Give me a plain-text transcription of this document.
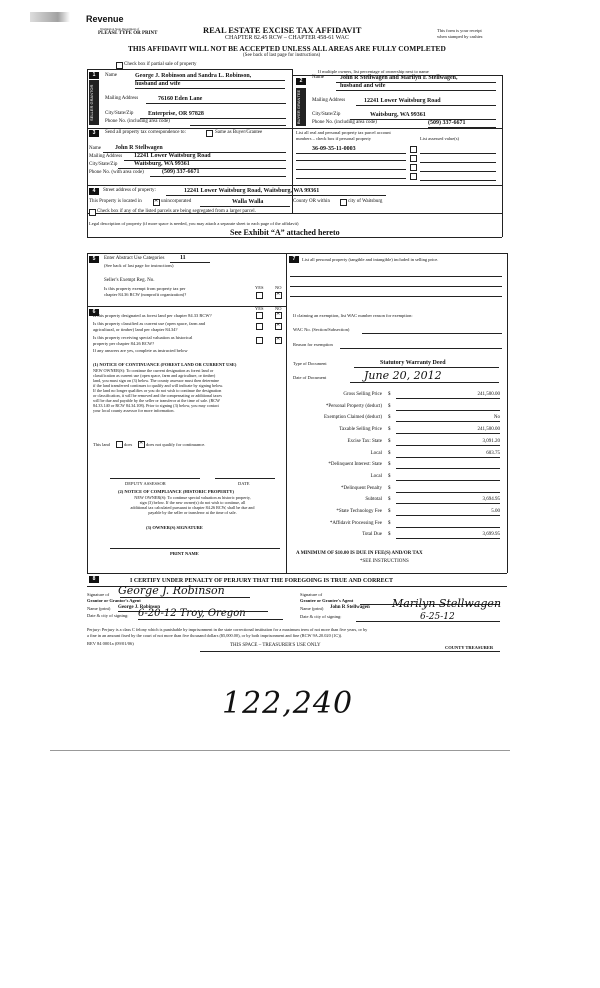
Revenue
Washington State Department of
PLEASE TYPE OR PRINT	REAL ESTATE EXCISE TAX AFFIDAVIT
CHAPTER 82.45 RCW – CHAPTER 458-61 WAC
THIS AFFIDAVIT WILL NOT BE ACCEPTED UNLESS ALL AREAS ARE FULLY COMPLETED
(See back of last page for instructions)
This form is your receipt
when stamped by cashier.
Check box if partial sale of property
If multiple owners, list percentage of ownership next to name
1
SELLER GRANTOR
Name	George J. Robinson and Sandra L. Robinson,
husband and wife
Mailing Address	76160 Eden Lane
City/State/Zip	Enterprise, OR 97828
Phone No. (including area code)
2
BUYER GRANTEE
Name	John R Stellwagen and Marilyn E Stellwagen,
husband and wife
Mailing Address	12241 Lower Waitsburg Road
City/State/Zip	Waitsburg, WA 99361
Phone No. (including area code)	(509) 337-6671
3	Send all property tax correspondence to:	Same as Buyer/Grantee
Name	John R Stellwagen
Mailing Address	12241 Lower Waitsburg Road
City/State/Zip	Waitsburg, WA 99361
Phone No. (with area code)	(509) 337-6671
List all real and personal property tax parcel account
numbers – check box if personal property	List assessed value(s)
36-09-35-11-0003
4	Street address of property:	12241 Lower Waitsburg Road, Waitsburg, WA 99361
This Property is located in ✕	unincorporated	Walla Walla	County OR within	city of Waitsburg
Check box if any of the listed parcels are being segregated from a larger parcel.
Legal description of property (if more space is needed, you may attach a separate sheet to each page of the affidavit)
See Exhibit “A” attached hereto
5	Enter Abstract Use Categories	11
(See back of last page for instructions)
Seller's Exempt Reg. No.
Is this property exempt from property tax per
chapter 84.36 RCW (nonprofit organization)?
YES	NO
✕
6
YES	NO
Is this property designated as forest land per chapter 84.33 RCW?
✕
Is this property classified as current use (open space, farm and
agricultural, or timber) land per chapter 84.34?
✕
Is this property receiving special valuation as historical
property per chapter 84.26 RCW?
✕
If any answers are yes, complete as instructed below
(1) NOTICE OF CONTINUANCE (FOREST LAND OR CURRENT USE)
NEW OWNER(S): To continue the current designation as forest land or
classification as current use (open space, farm and agriculture, or timber)
land, you must sign on (3) below. The county assessor must then determine
if the land transferred continues to qualify and will indicate by signing below.
If the land no longer qualifies or you do not wish to continue the designation
or classification, it will be removed and the compensating or additional taxes
will be due and payable by the seller or transferor at the time of sale. (RCW
84.33.140 or RCW 84.34.108). Prior to signing (3) below, you may contact
your local county assessor for more information.
This land	does ✕	does not qualify for continuance.
DEPUTY ASSESSOR	DATE
(2) NOTICE OF COMPLIANCE (HISTORIC PROPERTY)
NEW OWNER(S): To continue special valuation as historic property,
sign (3) below. If the new owner(s) do not wish to continue, all
additional tax calculated pursuant to chapter 84.26 RCW, shall be due and
payable by the seller or transferor at the time of sale.
(3) OWNER(S) SIGNATURE
PRINT NAME
7	List all personal property (tangible and intangible) included in selling price.
If claiming an exemption, list WAC number reason for exemption:
WAC No. (Section/Subsection)
Reason for exemption
Type of Document	Statutory Warranty Deed
Date of Document	June 20, 2012
Gross Selling Price $	241,500.00
*Personal Property (deduct) $
Exemption Claimed (deduct) $	No
Taxable Selling Price $	241,500.00
Excise Tax: State $	3,091.20
Local $	603.75
*Delinquent Interest: State $
Local $
*Delinquent Penalty $
Subtotal $	3,694.95
*State Technology Fee $	5.00
*Affidavit Processing Fee $
Total Due $	3,699.95
A MINIMUM OF $10.00 IS DUE IN FEE(S) AND/OR TAX
*SEE INSTRUCTIONS
8	I CERTIFY UNDER PENALTY OF PERJURY THAT THE FOREGOING IS TRUE AND CORRECT
Signature of
Grantor or Grantor's Agent
George J. Robinson
Name (print) George J. Robinson
Date & city of signing: 6-20-12 Troy, Oregon
Signature of
Grantee or Grantee's Agent
Name (print) John R Stellwagen Marilyn Stellwagen
Date & city of signing:	6-25-12
Perjury: Perjury is a class C felony which is punishable by imprisonment in the state correctional institution for a maximum term of not more than five years, or by
a fine in an amount fixed by the court of not more than five thousand dollars ($5,000.00), or by both imprisonment and fine (RCW 9A.20.020 (1C)).
REV 84 0001a (09/01/06)	THIS SPACE – TREASURER'S USE ONLY	COUNTY TREASURER
122,240
